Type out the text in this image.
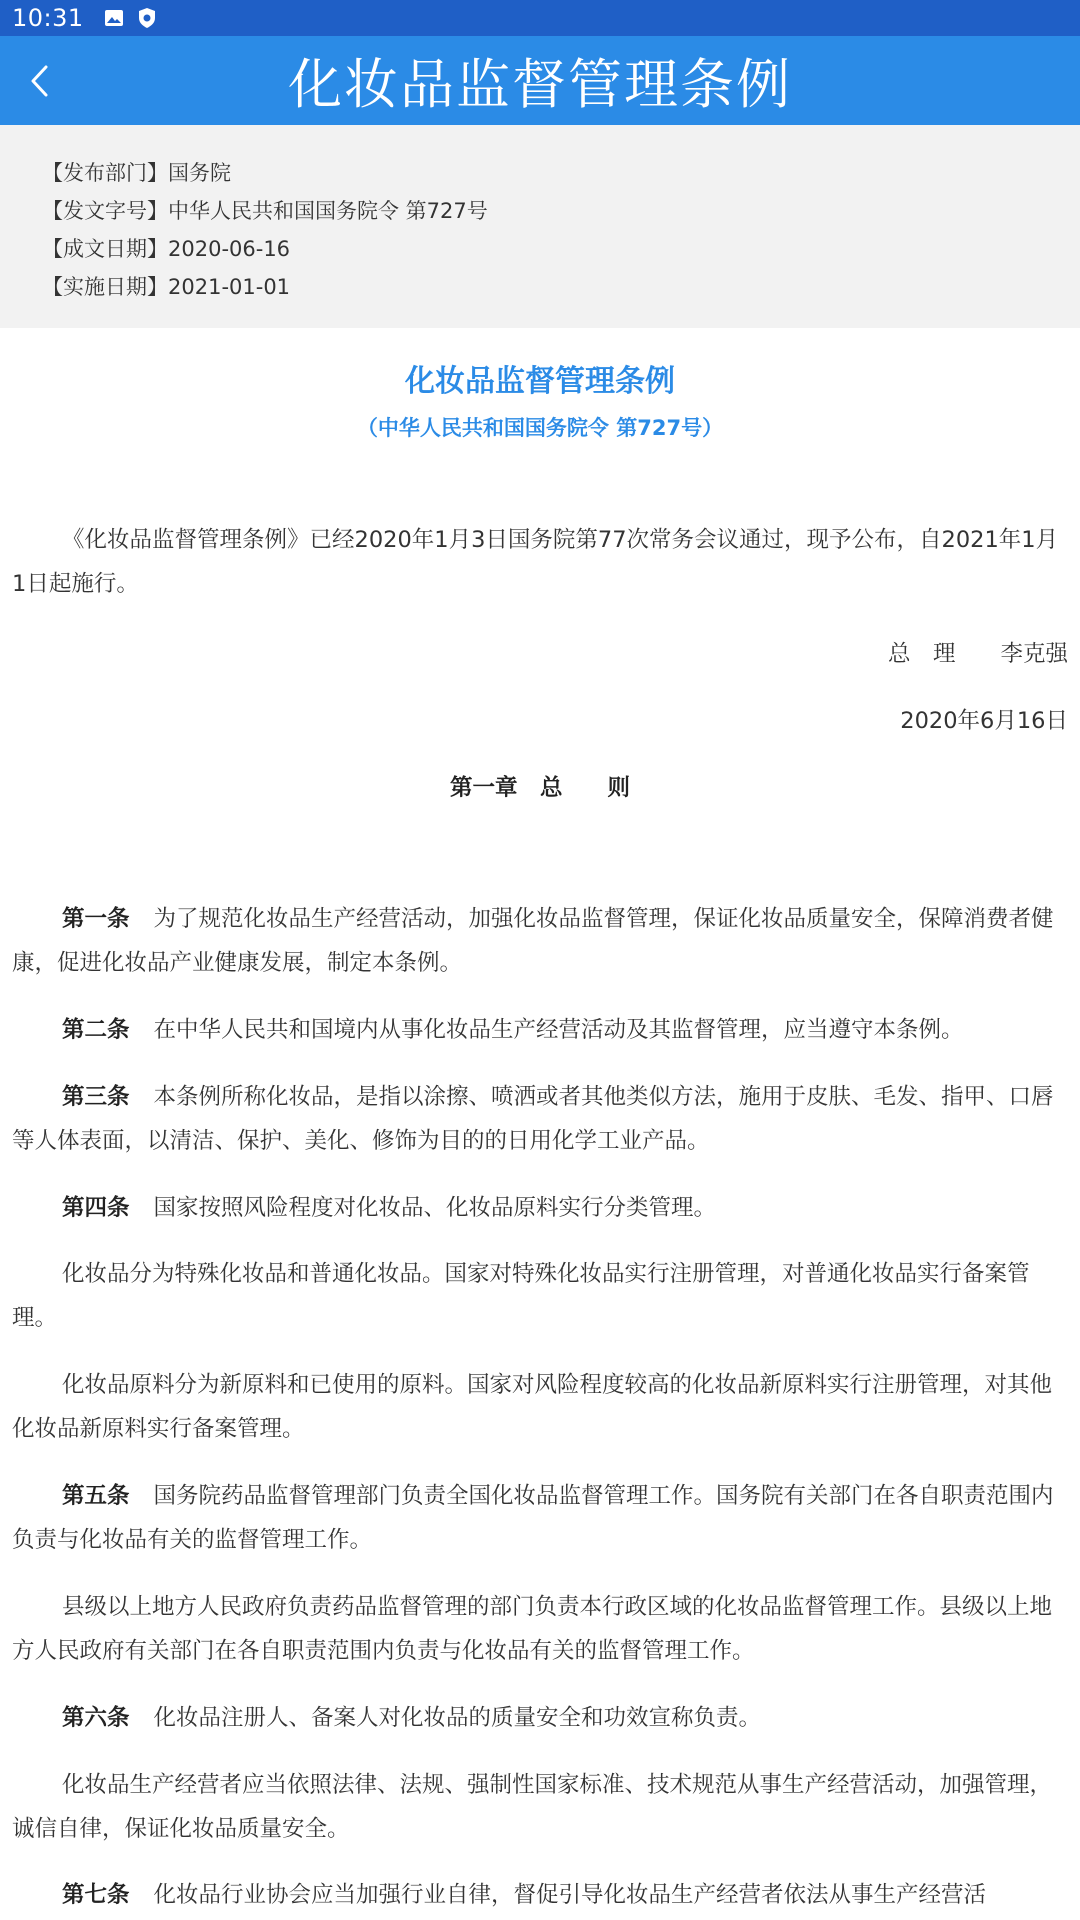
10:31
化妆品监督管理条例
【发布部门】国务院
【发文字号】中华人民共和国国务院令 第727号
【成文日期】2020-06-16
【实施日期】2021-01-01
化妆品监督管理条例
（中华人民共和国国务院令 第727号）
《化妆品监督管理条例》已经2020年1月3日国务院第77次常务会议通过，现予公布，自2021年1月1日起施行。
总　理　　李克强
2020年6月16日
第一章　总　　则
第一条 为了规范化妆品生产经营活动，加强化妆品监督管理，保证化妆品质量安全，保障消费者健康，促进化妆品产业健康发展，制定本条例。
第二条 在中华人民共和国境内从事化妆品生产经营活动及其监督管理，应当遵守本条例。
第三条 本条例所称化妆品，是指以涂擦、喷洒或者其他类似方法，施用于皮肤、毛发、指甲、口唇等人体表面，以清洁、保护、美化、修饰为目的的日用化学工业产品。
第四条 国家按照风险程度对化妆品、化妆品原料实行分类管理。
化妆品分为特殊化妆品和普通化妆品。国家对特殊化妆品实行注册管理，对普通化妆品实行备案管理。
化妆品原料分为新原料和已使用的原料。国家对风险程度较高的化妆品新原料实行注册管理，对其他化妆品新原料实行备案管理。
第五条 国务院药品监督管理部门负责全国化妆品监督管理工作。国务院有关部门在各自职责范围内负责与化妆品有关的监督管理工作。
县级以上地方人民政府负责药品监督管理的部门负责本行政区域的化妆品监督管理工作。县级以上地方人民政府有关部门在各自职责范围内负责与化妆品有关的监督管理工作。
第六条 化妆品注册人、备案人对化妆品的质量安全和功效宣称负责。
化妆品生产经营者应当依照法律、法规、强制性国家标准、技术规范从事生产经营活动，加强管理，诚信自律，保证化妆品质量安全。
第七条 化妆品行业协会应当加强行业自律，督促引导化妆品生产经营者依法从事生产经营活
